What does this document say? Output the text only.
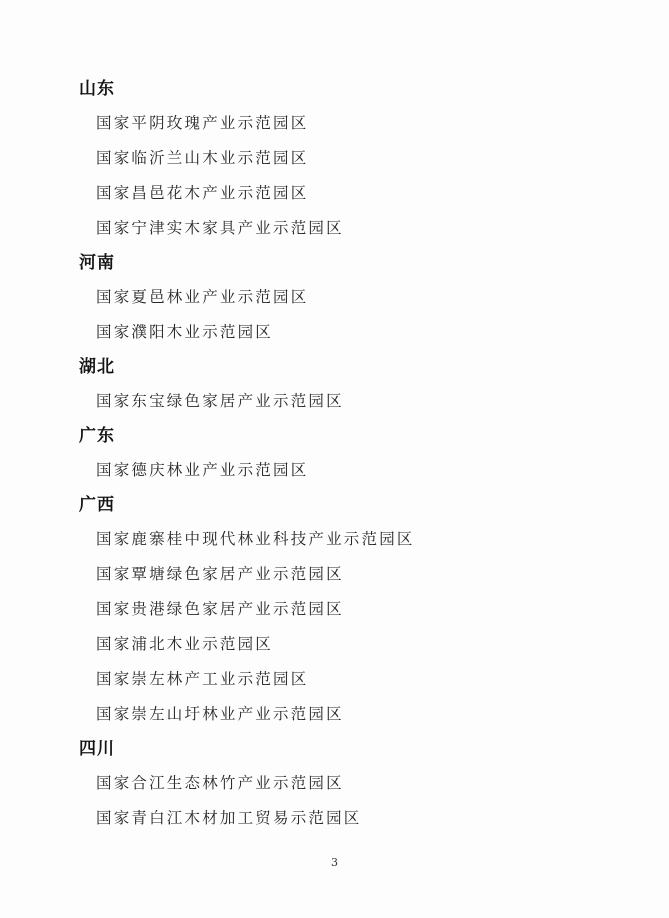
山东

国家平阴玫瑰产业示范园区

国家临沂兰山木业示范园区

国家昌邑花木产业示范园区

国家宁津实木家具产业示范园区

河南

国家夏邑林业产业示范园区

国家濮阳木业示范园区

湖北

国家东宝绿色家居产业示范园区

广东

国家德庆林业产业示范园区

广西

国家鹿寨桂中现代林业科技产业示范园区

国家覃塘绿色家居产业示范园区

国家贵港绿色家居产业示范园区

国家浦北木业示范园区

国家崇左林产工业示范园区

国家崇左山圩林业产业示范园区

四川

国家合江生态林竹产业示范园区

国家青白江木材加工贸易示范园区

3
